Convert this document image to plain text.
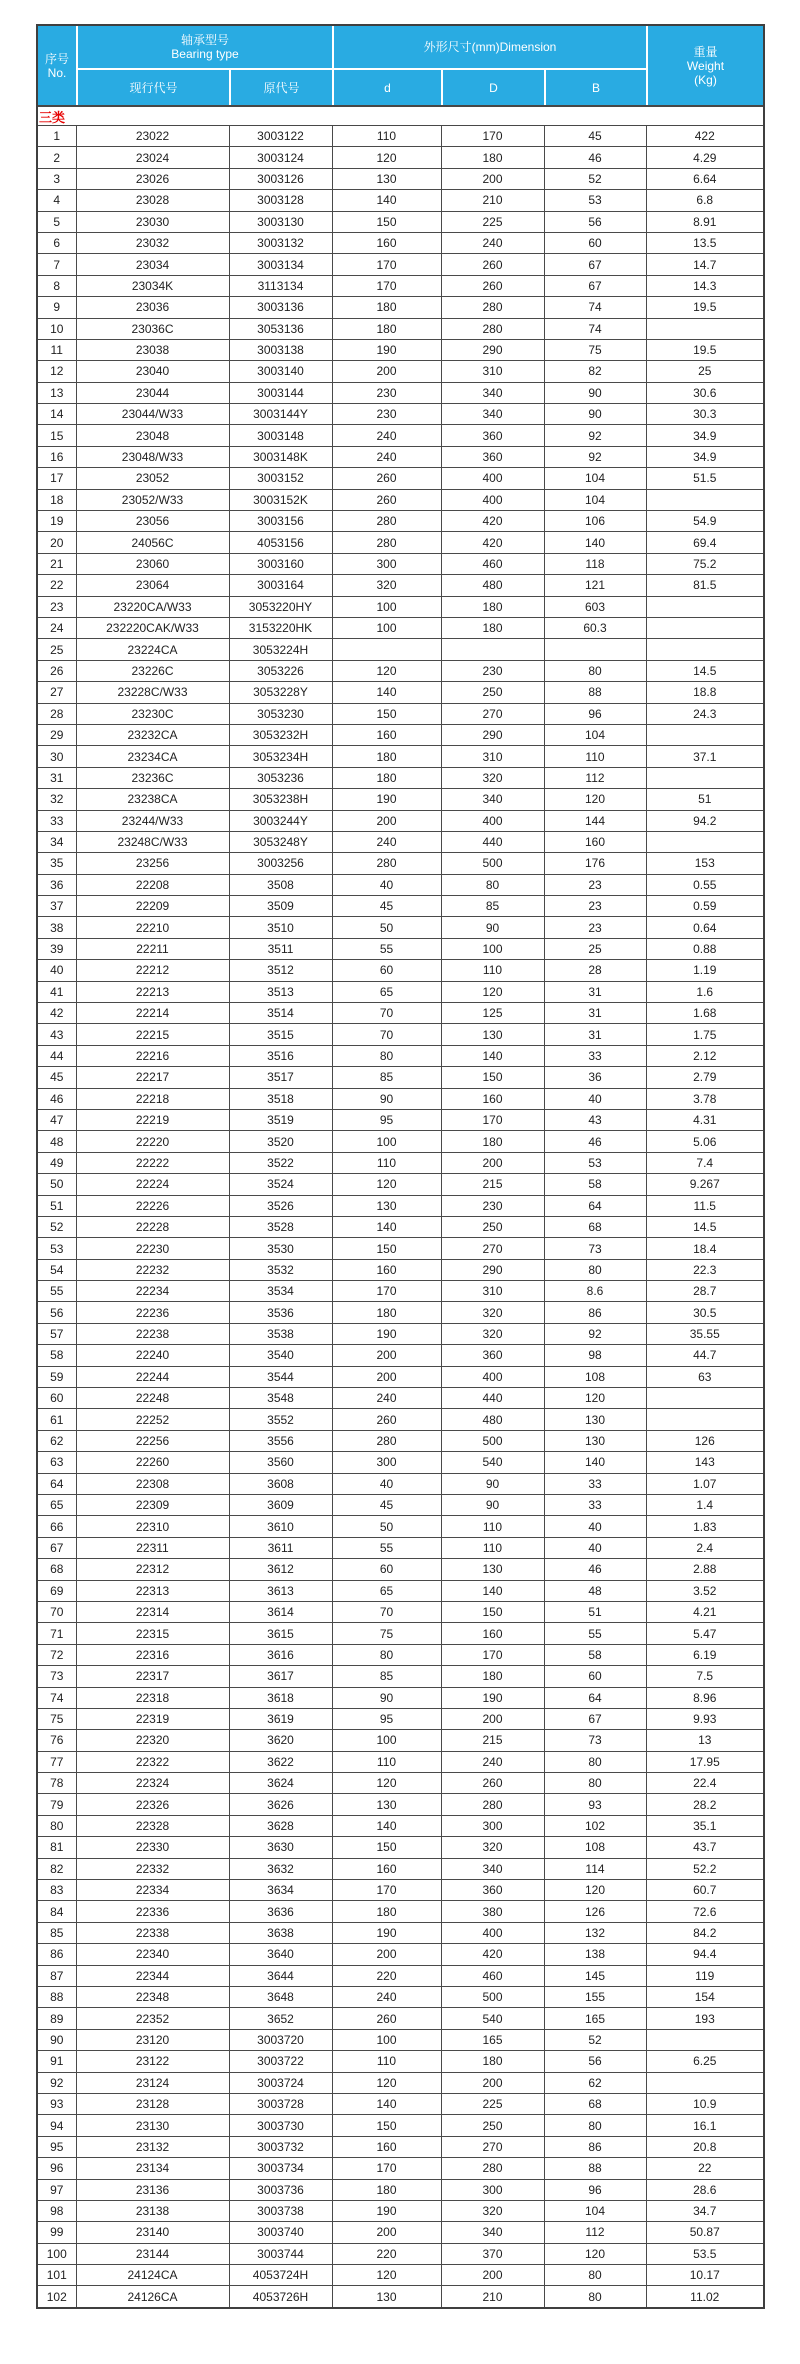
序号
No.
轴承型号
Bearing type	外形尺寸(mm)Dimension	重量
Weight
(Kg)
现行代号	原代号	d	D	B
三类
1	23022	3003122	110	170	45	422
2	23024	3003124	120	180	46	4.29
3	23026	3003126	130	200	52	6.64
4	23028	3003128	140	210	53	6.8
5	23030	3003130	150	225	56	8.91
6	23032	3003132	160	240	60	13.5
7	23034	3003134	170	260	67	14.7
8	23034K	3113134	170	260	67	14.3
9	23036	3003136	180	280	74	19.5
10	23036C	3053136	180	280	74	
11	23038	3003138	190	290	75	19.5
12	23040	3003140	200	310	82	25
13	23044	3003144	230	340	90	30.6
14	23044/W33	3003144Y	230	340	90	30.3
15	23048	3003148	240	360	92	34.9
16	23048/W33	3003148K	240	360	92	34.9
17	23052	3003152	260	400	104	51.5
18	23052/W33	3003152K	260	400	104	
19	23056	3003156	280	420	106	54.9
20	24056C	4053156	280	420	140	69.4
21	23060	3003160	300	460	118	75.2
22	23064	3003164	320	480	121	81.5
23	23220CA/W33	3053220HY	100	180	603	
24	232220CAK/W33	3153220HK	100	180	60.3	
25	23224CA	3053224H				
26	23226C	3053226	120	230	80	14.5
27	23228C/W33	3053228Y	140	250	88	18.8
28	23230C	3053230	150	270	96	24.3
29	23232CA	3053232H	160	290	104	
30	23234CA	3053234H	180	310	110	37.1
31	23236C	3053236	180	320	112	
32	23238CA	3053238H	190	340	120	51
33	23244/W33	3003244Y	200	400	144	94.2
34	23248C/W33	3053248Y	240	440	160	
35	23256	3003256	280	500	176	153
36	22208	3508	40	80	23	0.55
37	22209	3509	45	85	23	0.59
38	22210	3510	50	90	23	0.64
39	22211	3511	55	100	25	0.88
40	22212	3512	60	110	28	1.19
41	22213	3513	65	120	31	1.6
42	22214	3514	70	125	31	1.68
43	22215	3515	70	130	31	1.75
44	22216	3516	80	140	33	2.12
45	22217	3517	85	150	36	2.79
46	22218	3518	90	160	40	3.78
47	22219	3519	95	170	43	4.31
48	22220	3520	100	180	46	5.06
49	22222	3522	110	200	53	7.4
50	22224	3524	120	215	58	9.267
51	22226	3526	130	230	64	11.5
52	22228	3528	140	250	68	14.5
53	22230	3530	150	270	73	18.4
54	22232	3532	160	290	80	22.3
55	22234	3534	170	310	8.6	28.7
56	22236	3536	180	320	86	30.5
57	22238	3538	190	320	92	35.55
58	22240	3540	200	360	98	44.7
59	22244	3544	200	400	108	63
60	22248	3548	240	440	120	
61	22252	3552	260	480	130	
62	22256	3556	280	500	130	126
63	22260	3560	300	540	140	143
64	22308	3608	40	90	33	1.07
65	22309	3609	45	90	33	1.4
66	22310	3610	50	110	40	1.83
67	22311	3611	55	110	40	2.4
68	22312	3612	60	130	46	2.88
69	22313	3613	65	140	48	3.52
70	22314	3614	70	150	51	4.21
71	22315	3615	75	160	55	5.47
72	22316	3616	80	170	58	6.19
73	22317	3617	85	180	60	7.5
74	22318	3618	90	190	64	8.96
75	22319	3619	95	200	67	9.93
76	22320	3620	100	215	73	13
77	22322	3622	110	240	80	17.95
78	22324	3624	120	260	80	22.4
79	22326	3626	130	280	93	28.2
80	22328	3628	140	300	102	35.1
81	22330	3630	150	320	108	43.7
82	22332	3632	160	340	114	52.2
83	22334	3634	170	360	120	60.7
84	22336	3636	180	380	126	72.6
85	22338	3638	190	400	132	84.2
86	22340	3640	200	420	138	94.4
87	22344	3644	220	460	145	119
88	22348	3648	240	500	155	154
89	22352	3652	260	540	165	193
90	23120	3003720	100	165	52	
91	23122	3003722	110	180	56	6.25
92	23124	3003724	120	200	62	
93	23128	3003728	140	225	68	10.9
94	23130	3003730	150	250	80	16.1
95	23132	3003732	160	270	86	20.8
96	23134	3003734	170	280	88	22
97	23136	3003736	180	300	96	28.6
98	23138	3003738	190	320	104	34.7
99	23140	3003740	200	340	112	50.87
100	23144	3003744	220	370	120	53.5
101	24124CA	4053724H	120	200	80	10.17
102	24126CA	4053726H	130	210	80	11.02
